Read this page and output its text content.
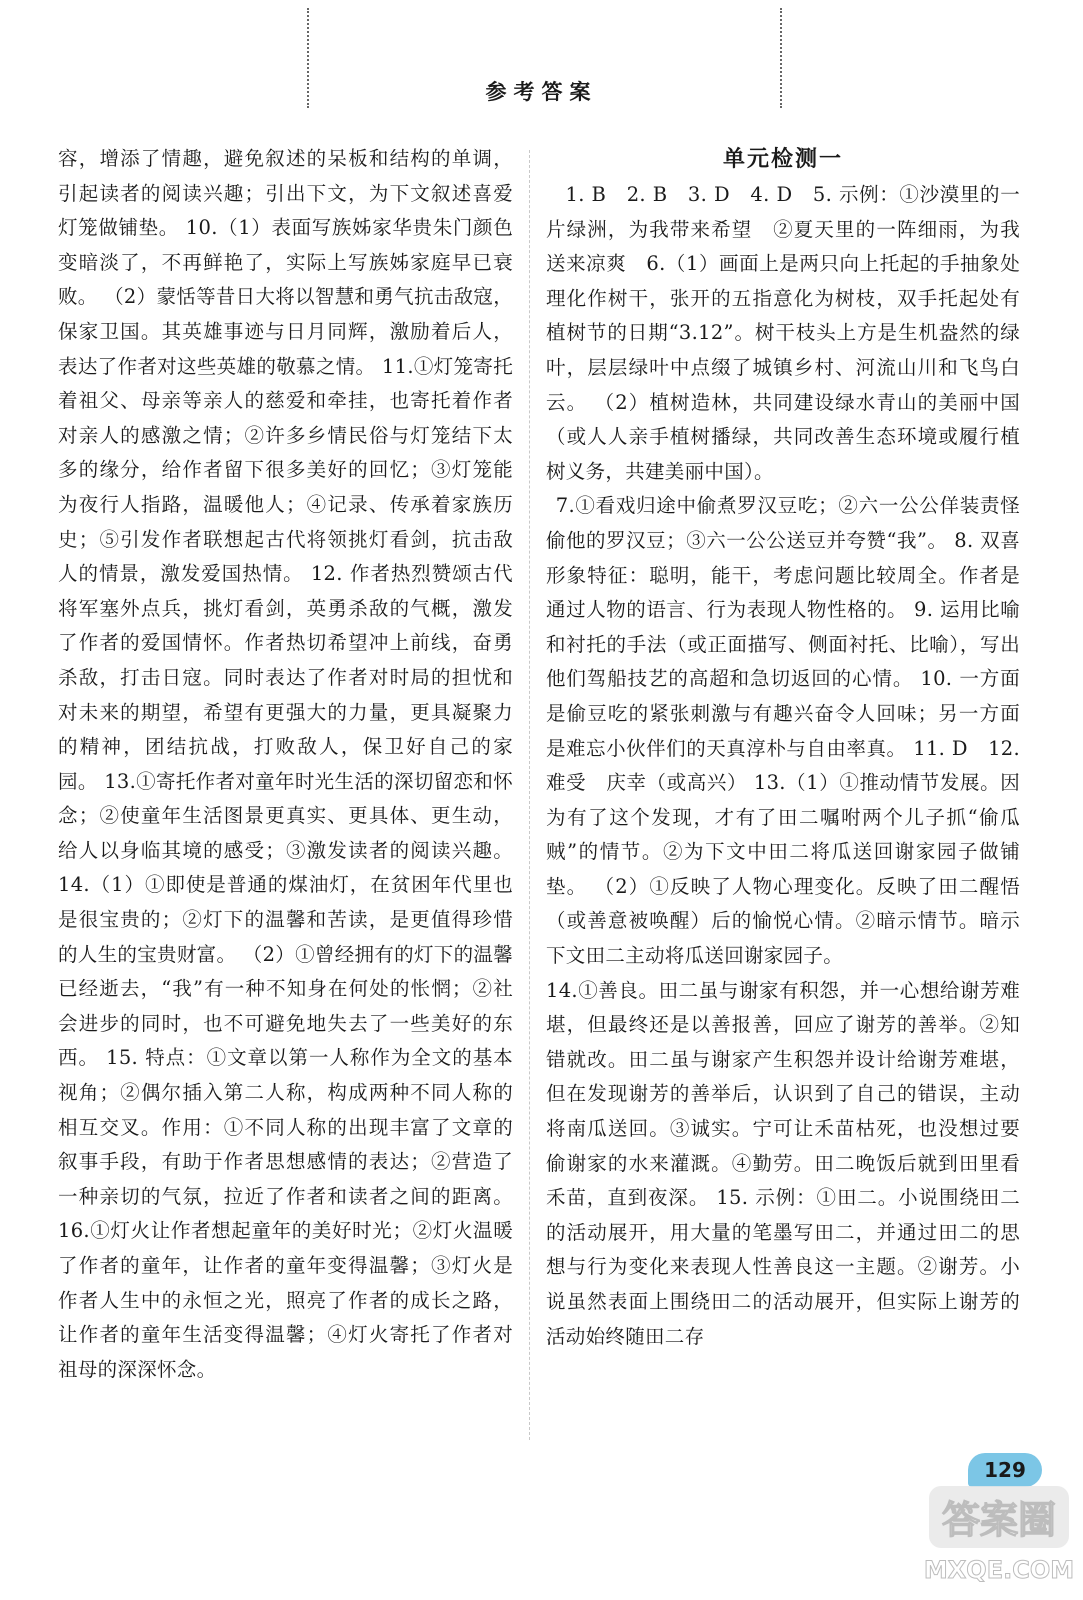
参考答案

容，增添了情趣，避免叙述的呆板和结构的单调，引起读者的阅读兴趣；引出下文，为下文叙述喜爱灯笼做铺垫。 10.（1）表面写族姊家华贵朱门颜色变暗淡了，不再鲜艳了，实际上写族姊家庭早已衰败。 （2）蒙恬等昔日大将以智慧和勇气抗击敌寇，保家卫国。其英雄事迹与日月同辉，激励着后人，表达了作者对这些英雄的敬慕之情。 11.①灯笼寄托着祖父、母亲等亲人的慈爱和牵挂，也寄托着作者对亲人的感激之情；②许多乡情民俗与灯笼结下太多的缘分，给作者留下很多美好的回忆；③灯笼能为夜行人指路，温暖他人；④记录、传承着家族历史；⑤引发作者联想起古代将领挑灯看剑，抗击敌人的情景，激发爱国热情。 12. 作者热烈赞颂古代将军塞外点兵，挑灯看剑，英勇杀敌的气概，激发了作者的爱国情怀。作者热切希望冲上前线，奋勇杀敌，打击日寇。同时表达了作者对时局的担忧和对未来的期望，希望有更强大的力量，更具凝聚力的精神，团结抗战，打败敌人，保卫好自己的家园。 13.①寄托作者对童年时光生活的深切留恋和怀念；②使童年生活图景更真实、更具体、更生动，给人以身临其境的感受；③激发读者的阅读兴趣。 14.（1）①即使是普通的煤油灯，在贫困年代里也是很宝贵的；②灯下的温馨和苦读，是更值得珍惜的人生的宝贵财富。 （2）①曾经拥有的灯下的温馨已经逝去，“我”有一种不知身在何处的怅惘；②社会进步的同时，也不可避免地失去了一些美好的东西。 15. 特点：①文章以第一人称作为全文的基本视角；②偶尔插入第二人称，构成两种不同人称的相互交叉。作用：①不同人称的出现丰富了文章的叙事手段，有助于作者思想感情的表达；②营造了一种亲切的气氛，拉近了作者和读者之间的距离。 16.①灯火让作者想起童年的美好时光；②灯火温暖了作者的童年，让作者的童年变得温馨；③灯火是作者人生中的永恒之光，照亮了作者的成长之路，让作者的童年生活变得温馨；④灯火寄托了作者对祖母的深深怀念。

单元检测一

1. B　2. B　3. D　4. D　5. 示例：①沙漠里的一片绿洲，为我带来希望　②夏天里的一阵细雨，为我送来凉爽　6.（1）画面上是两只向上托起的手抽象处理化作树干，张开的五指意化为树枝，双手托起处有植树节的日期“3.12”。树干枝头上方是生机盎然的绿叶，层层绿叶中点缀了城镇乡村、河流山川和飞鸟白云。 （2）植树造林，共同建设绿水青山的美丽中国（或人人亲手植树播绿，共同改善生态环境或履行植树义务，共建美丽中国）。

7.①看戏归途中偷煮罗汉豆吃；②六一公公佯装责怪偷他的罗汉豆；③六一公公送豆并夸赞“我”。 8. 双喜形象特征：聪明，能干，考虑问题比较周全。作者是通过人物的语言、行为表现人物性格的。 9. 运用比喻和衬托的手法（或正面描写、侧面衬托、比喻），写出他们驾船技艺的高超和急切返回的心情。 10. 一方面是偷豆吃的紧张刺激与有趣兴奋令人回味；另一方面是难忘小伙伴们的天真淳朴与自由率真。 11. D　12. 难受　庆幸（或高兴） 13.（1）①推动情节发展。因为有了这个发现，才有了田二嘱咐两个儿子抓“偷瓜贼”的情节。②为下文中田二将瓜送回谢家园子做铺垫。 （2）①反映了人物心理变化。反映了田二醒悟（或善意被唤醒）后的愉悦心情。②暗示情节。暗示下文田二主动将瓜送回谢家园子。

14.①善良。田二虽与谢家有积怨，并一心想给谢芳难堪，但最终还是以善报善，回应了谢芳的善举。②知错就改。田二虽与谢家产生积怨并设计给谢芳难堪，但在发现谢芳的善举后，认识到了自己的错误，主动将南瓜送回。③诚实。宁可让禾苗枯死，也没想过要偷谢家的水来灌溉。④勤劳。田二晚饭后就到田里看禾苗，直到夜深。 15. 示例：①田二。小说围绕田二的活动展开，用大量的笔墨写田二，并通过田二的思想与行为变化来表现人性善良这一主题。②谢芳。小说虽然表面上围绕田二的活动展开，但实际上谢芳的活动始终随田二存

129
答案圈
MXQE.COM
